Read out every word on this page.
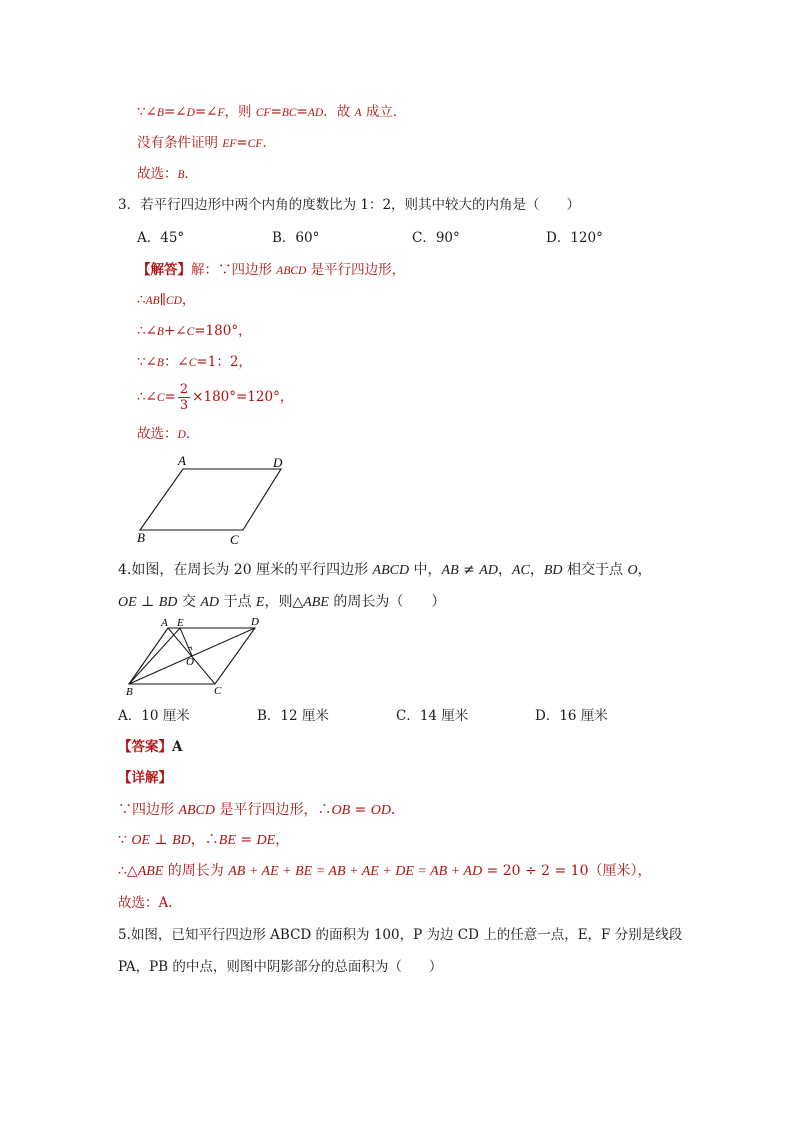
∵∠B=∠D=∠F，则 CF=BC=AD．故 A 成立．
没有条件证明 EF=CF．
故选：B．
3．若平行四边形中两个内角的度数比为 1：2，则其中较大的内角是（　　）
A．45°	B．60°	C．90°	D．120°
【解答】解：∵四边形 ABCD 是平行四边形，
∴AB∥CD，
∴∠B+∠C=180°，
∵∠B：∠C=1：2，
∴∠C= $\frac{2}{3} \times 180^\circ=120^\circ$，
故选：D．
A	D
B	C
4.如图，在周长为 20 厘米的平行四边形 ABCD 中，AB ≠ AD，AC，BD 相交于点 O，
OE ⊥ BD 交 AD 于点 E，则△ABE 的周长为（　　）
A E	D
O
B	C
A．10 厘米	B．12 厘米	C．14 厘米	D．16 厘米
【答案】A
【详解】
∵四边形 ABCD 是平行四边形，∴OB = OD．
∵ OE ⊥ BD，∴BE = DE，
∴△ABE 的周长为 AB + AE + BE = AB + AE + DE = AB + AD = 20 ÷ 2 = 10（厘米），
故选：A.
5.如图，已知平行四边形 ABCD 的面积为 100，P 为边 CD 上的任意一点，E，F 分别是线段
PA，PB 的中点，则图中阴影部分的总面积为（　　）
